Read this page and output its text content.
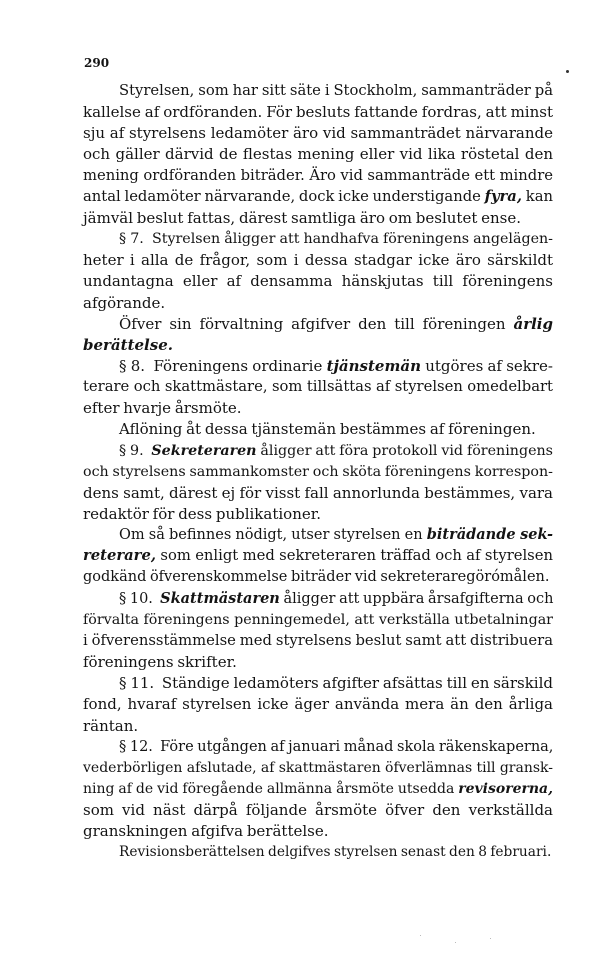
290
Styrelsen, som har sitt säte i Stockholm, sammanträder på
kallelse af ordföranden. För besluts fattande fordras, att minst
sju af styrelsens ledamöter äro vid sammanträdet närvarande
och gäller därvid de flestas mening eller vid lika röstetal den
mening ordföranden biträder. Äro vid sammanträde ett mindre
antal ledamöter närvarande, dock icke understigande fyra, kan
jämväl beslut fattas, därest samtliga äro om beslutet ense.
§ 7.  Styrelsen åligger att handhafva föreningens angelägen-
heter i alla de frågor, som i dessa stadgar icke äro särskildt
undantagna eller af densamma hänskjutas till föreningens
afgörande.
Öfver sin förvaltning afgifver den till föreningen årlig
berättelse.
§ 8.  Föreningens ordinarie tjänstemän utgöres af sekre-
terare och skattmästare, som tillsättas af styrelsen omedelbart
efter hvarje årsmöte.
Aflöning åt dessa tjänstemän bestämmes af föreningen.
§ 9.  Sekreteraren åligger att föra protokoll vid föreningens
och styrelsens sammankomster och sköta föreningens korrespon-
dens samt, därest ej för visst fall annorlunda bestämmes, vara
redaktör för dess publikationer.
Om så befinnes nödigt, utser styrelsen en biträdande sek-
reterare, som enligt med sekreteraren träffad och af styrelsen
godkänd öfverenskommelse biträder vid sekreteraregörómålen.
§ 10.  Skattmästaren åligger att uppbära årsafgifterna och
förvalta föreningens penningemedel, att verkställa utbetalningar
i öfverensstämmelse med styrelsens beslut samt att distribuera
föreningens skrifter.
§ 11.  Ständige ledamöters afgifter afsättas till en särskild
fond, hvaraf styrelsen icke äger använda mera än den årliga
räntan.
§ 12.  Före utgången af januari månad skola räkenskaperna,
vederbörligen afslutade, af skattmästaren öfverlämnas till gransk-
ning af de vid föregående allmänna årsmöte utsedda revisorerna,
som vid näst därpå följande årsmöte öfver den verkställda
granskningen afgifva berättelse.
Revisionsberättelsen delgifves styrelsen senast den 8 februari.
